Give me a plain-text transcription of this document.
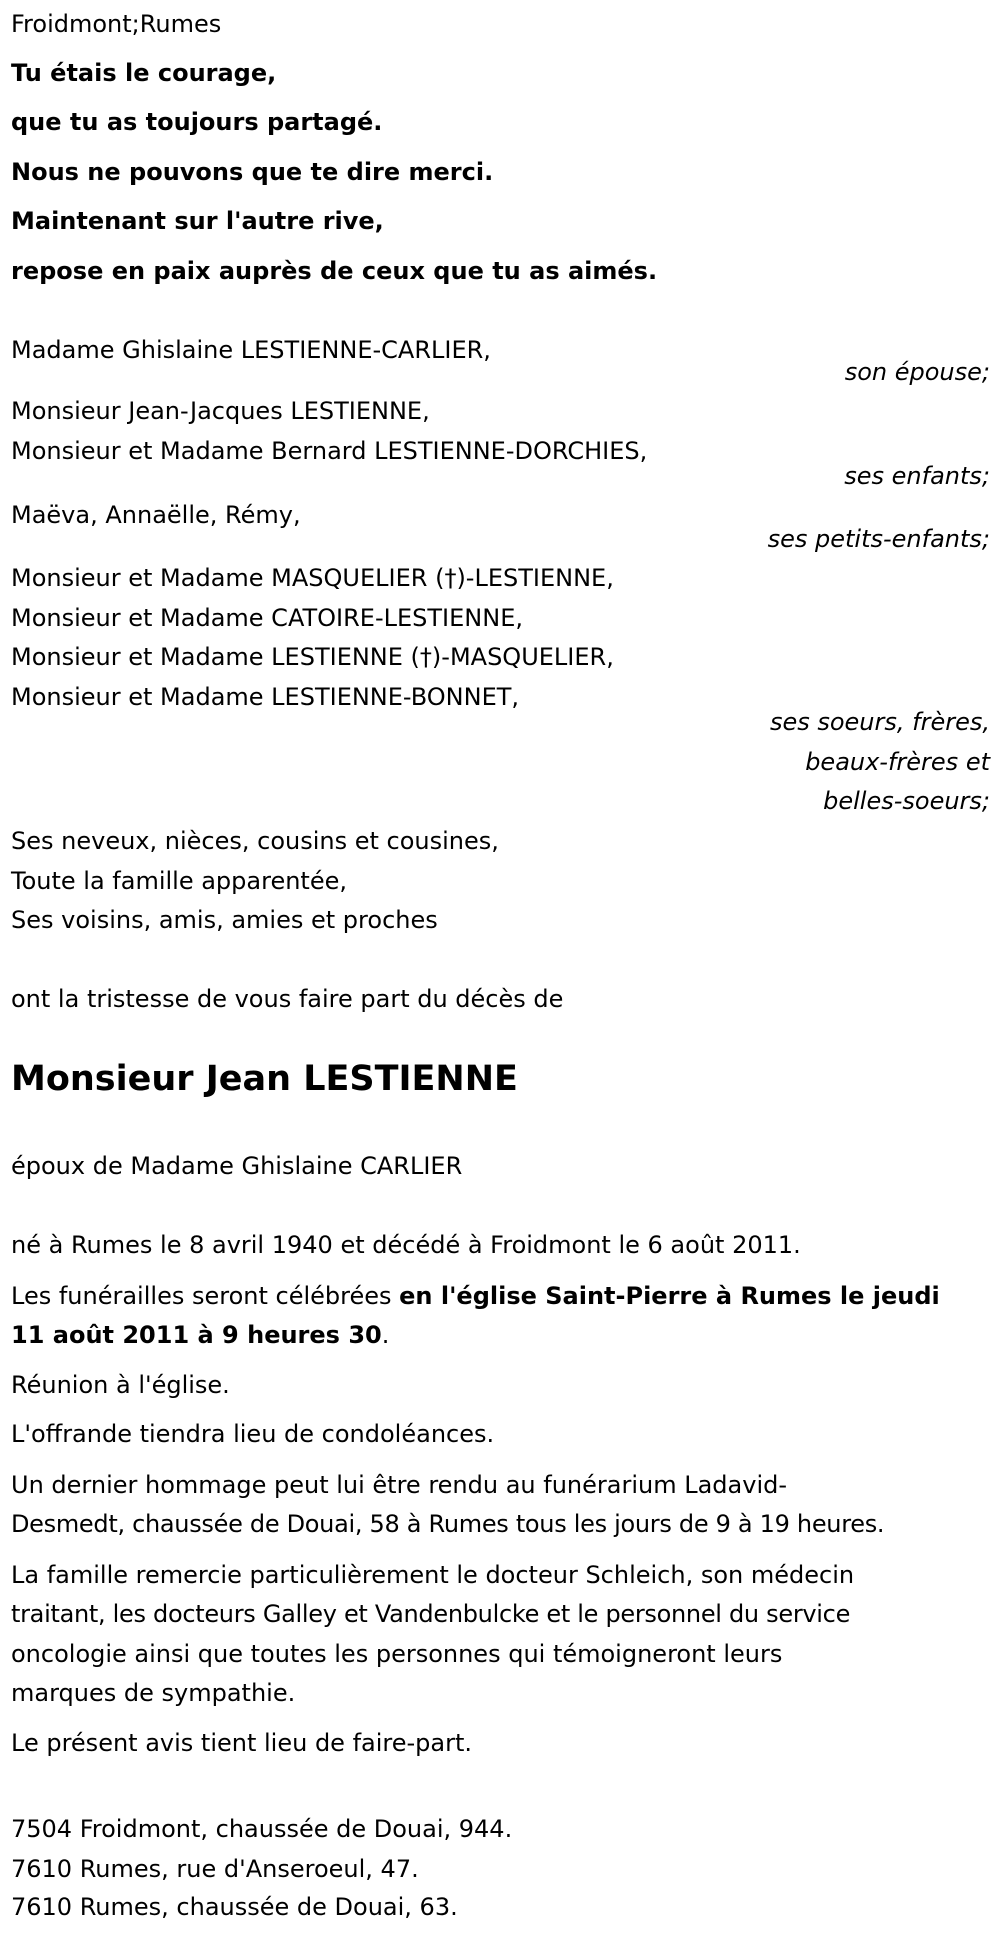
Froidmont;Rumes
Tu étais le courage,
que tu as toujours partagé.
Nous ne pouvons que te dire merci.
Maintenant sur l'autre rive,
repose en paix auprès de ceux que tu as aimés.
Madame Ghislaine LESTIENNE-CARLIER,
son épouse;
Monsieur Jean-Jacques LESTIENNE,
Monsieur et Madame Bernard LESTIENNE-DORCHIES,
ses enfants;
Maëva, Annaëlle, Rémy,
ses petits-enfants;
Monsieur et Madame MASQUELIER (†)-LESTIENNE,
Monsieur et Madame CATOIRE-LESTIENNE,
Monsieur et Madame LESTIENNE (†)-MASQUELIER,
Monsieur et Madame LESTIENNE-BONNET,
ses soeurs, frères,
beaux-frères et
belles-soeurs;
Ses neveux, nièces, cousins et cousines,
Toute la famille apparentée,
Ses voisins, amis, amies et proches
ont la tristesse de vous faire part du décès de
Monsieur Jean LESTIENNE
époux de Madame Ghislaine CARLIER
né à Rumes le 8 avril 1940 et décédé à Froidmont le 6 août 2011.
Les funérailles seront célébrées en l'église Saint-Pierre à Rumes le jeudi
11 août 2011 à 9 heures 30.
Réunion à l'église.
L'offrande tiendra lieu de condoléances.
Un dernier hommage peut lui être rendu au funérarium Ladavid-
Desmedt, chaussée de Douai, 58 à Rumes tous les jours de 9 à 19 heures.
La famille remercie particulièrement le docteur Schleich, son médecin
traitant, les docteurs Galley et Vandenbulcke et le personnel du service
oncologie ainsi que toutes les personnes qui témoigneront leurs
marques de sympathie.
Le présent avis tient lieu de faire-part.
7504 Froidmont, chaussée de Douai, 944.
7610 Rumes, rue d'Anseroeul, 47.
7610 Rumes, chaussée de Douai, 63.
